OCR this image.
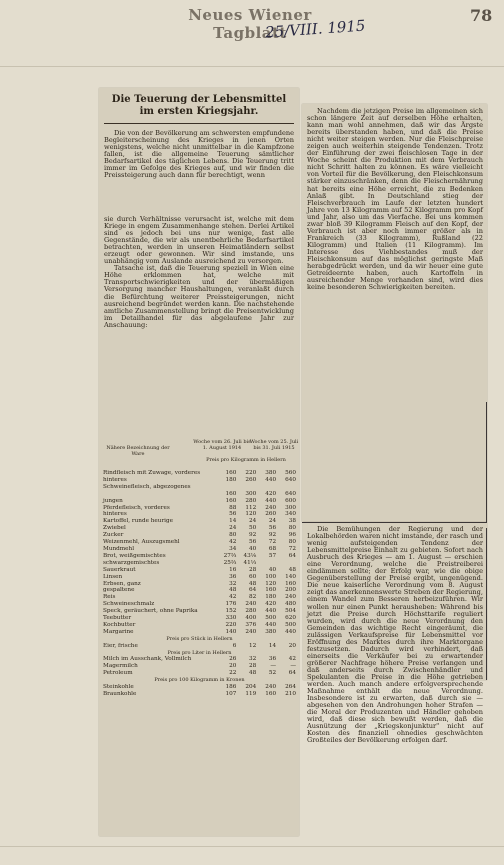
Neues Wiener Tagblatt
78
25/VIII. 1915
Die Teuerung der Lebensmittel
im ersten Kriegsjahr.

Die von der Bevölkerung am schwersten empfundene Begleiterscheinung des Krieges in jenen Orten wenigstens, welche nicht unmittelbar in die Kampfzone fallen, ist die allgemeine Teuerung sämtlicher Bedarfsartikel des täglichen Lebens. Die Teuerung tritt immer im Gefolge des Krieges auf, und wir finden die Preissteigerung auch dann für berechtigt, wenn

sie durch Verhältnisse verursacht ist, welche mit dem Kriege in engem Zusammenhange stehen. Derlei Artikel sind es jedoch bei uns nur wenige, fast alle Gegenstände, die wir als unentbehrliche Bedarfsartikel betrachten, werden in unseren Heimatländern selbst erzeugt oder gewonnen. Wir sind imstande, uns unabhängig vom Auslande ausreichend zu versorgen.

Tatsache ist, daß die Teuerung speziell in Wien eine Höhe erklommen hat, welche mit Transportschwierigkeiten und der übermäßigen Versorgung mancher Haushaltungen, veranlaßt durch die Befürchtung weiterer Preissteigerungen, nicht ausreichend begründet werden kann. Die nachstehende amtliche Zusammenstellung bringt die Preisentwicklung im Detailhandel für das abgelaufene Jahr zur Anschauung:

Nähere Bezeichnung der Ware
Woche vom 26. Juli bis 1. August 1914
Woche vom 25. Juli bis 31. Juli 1915
Preis pro Kilogramm in Hellern
Rindfleisch mit Zuwage, vorderes	160	220	380	560
hinteres	180	260	440	640
Schweinefleisch, abgezogenes				
	160	300	420	640
jungen	160	280	440	600
Pferdefleisch, vorderes	88	112	240	300
hinteres	56	120	260	340
Kartoffel, runde heurige	14	24	24	38
Zwiebel	24	50	56	80
Zucker	80	92	92	96
Weizenmehl, Auszugsmehl	42	56	72	80
Mundmehl	34	40	68	72
Brot, weißgemischtes	27⅔	43⅛	57	64
schwarzgemischtes	25⅔	41⅓		
Sauerkraut	16	28	40	48
Linsen	36	60	100	140
Erbsen, ganz	32	48	120	160
gespaltene	48	64	160	200
Reis	42	82	180	240
Schweineschmalz	176	240	420	480
Speck, geräuchert, ohne Paprika	152	280	440	504
Teebutter	330	400	500	620
Kochbutter	220	376	440	500
Margarine	140	240	380	440
Preis pro Stück in Hellern				
Eier, frische	6	12	14	20
Preis pro Liter in Hellern				
Milch im Ausschank, Vollmilch	26	32	36	42
Magermilch	20	28	—	—
Petroleum	22	48	52	64
Preis pro 100 Kilogramm in Kronen				
Steinkohle	186	204	240	264
Braunkohle	107	119	160	210

Nachdem die jetzigen Preise im allgemeinen sich schon längere Zeit auf derselben Höhe erhalten, kann man wohl annehmen, daß wir das Ärgste bereits überstanden haben, und daß die Preise nicht weiter steigen werden. Nur die Fleischpreise zeigen auch weiterhin steigende Tendenzen. Trotz der Einführung der zwei fleischlosen Tage in der Woche scheint die Produktion mit dem Verbrauch nicht Schritt halten zu können. Es wäre vielleicht von Vorteil für die Bevölkerung, den Fleischkonsum stärker einzuschränken, denn die Fleischernährung hat bereits eine Höhe erreicht, die zu Bedenken Anlaß gibt. In Deutschland stieg der Fleischverbrauch im Laufe der letzten hundert Jahre von 13 Kilogramm auf 52 Kilogramm pro Kopf und Jahr, also um das Vierfache. Bei uns kommen zwar bloß 39 Kilogramm Fleisch auf den Kopf, der Verbrauch ist aber noch immer größer als in Frankreich (33 Kilogramm), Rußland (22 Kilogramm) und Italien (11 Kilogramm). Im Interesse des Viehbestandes muß der Fleischkonsum auf das möglichst geringste Maß herabgedrückt werden, und da wir heuer eine gute Getreideernte haben, auch Kartoffeln in ausreichender Menge vorhanden sind, wird dies keine besonderen Schwierigkeiten bereiten.

Die Bemühungen der Regierung und der Lokalbehörden waren nicht imstande, der rasch und wenig aufsteigenden Tendenz der Lebensmittelpreise Einhalt zu gebieten. Sofort nach Ausbruch des Krieges — am 1. August — erschien eine Verordnung, welche die Preistreiberei eindämmen sollte; der Erfolg war, wie die obige Gegenüberstellung der Preise ergibt, ungenügend. Die neue kaiserliche Verordnung vom 8. August zeigt das anerkennenswerte Streben der Regierung, einem Wandel zum Besseren herbeizuführen. Wir wollen nur einen Punkt herausheben: Während bis jetzt die Preise durch Höchsttarife reguliert wurden, wird durch die neue Verordnung den Gemeinden das wichtige Recht eingeräumt, die zulässigen Verkaufspreise für Lebensmittel vor Eröffnung des Marktes durch ihre Marktorgane festzusetzen. Dadurch wird verhindert, daß einerseits die Verkäufer bei zu erwartender größerer Nachfrage höhere Preise verlangen und daß anderseits durch Zwischenhändler und Spekulanten die Preise in die Höhe getrieben werden. Auch manch andere erfolgversprechende Maßnahme enthält die neue Verordnung. Insbesondere ist zu erwarten, daß durch sie — abgesehen von den Androhungen hoher Strafen — die Moral der Produzenten und Händler gehoben wird, daß diese sich bewußt werden, daß die Ausnützung der „Kriegskonjunktur" nicht auf Kosten des finanziell ohnedies geschwächten Großteiles der Bevölkerung erfolgen darf.
